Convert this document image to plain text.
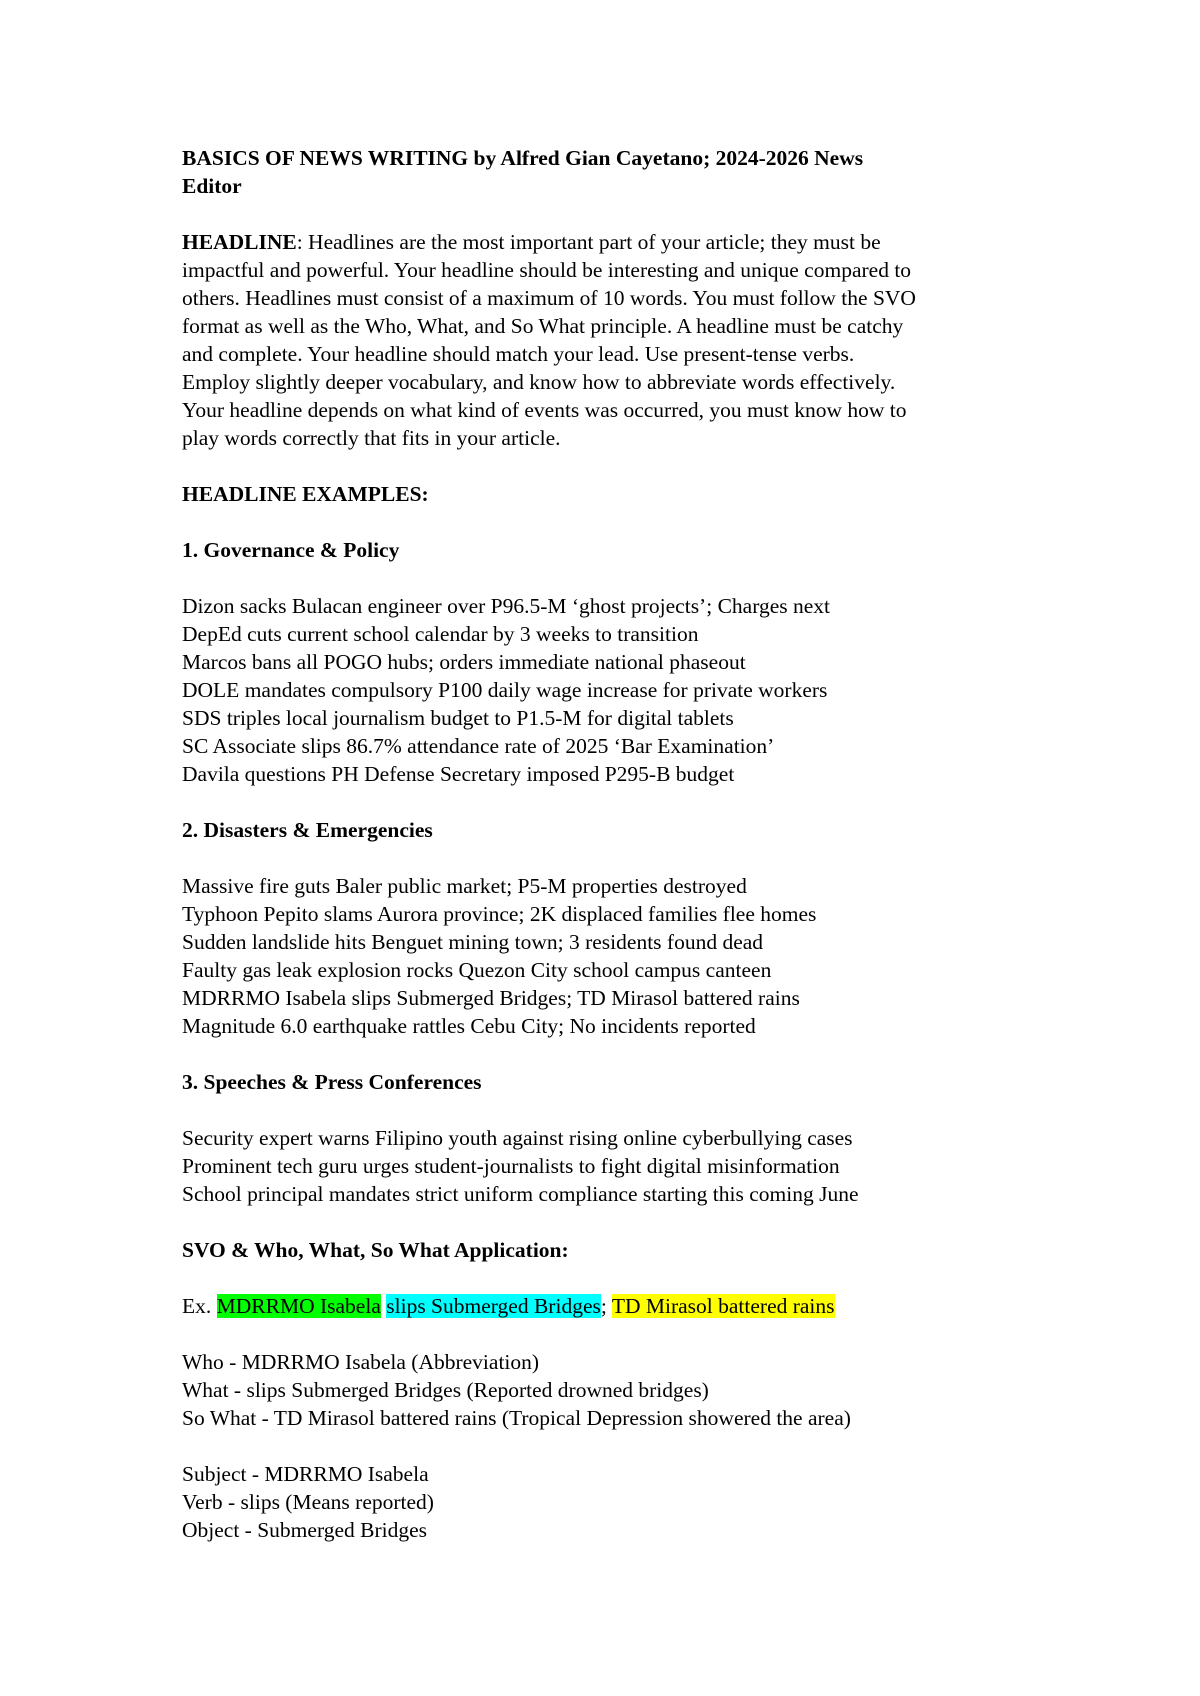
BASICS OF NEWS WRITING by Alfred Gian Cayetano; 2024-2026 News
Editor
HEADLINE: Headlines are the most important part of your article; they must be
impactful and powerful. Your headline should be interesting and unique compared to
others. Headlines must consist of a maximum of 10 words. You must follow the SVO
format as well as the Who, What, and So What principle. A headline must be catchy
and complete. Your headline should match your lead. Use present-tense verbs.
Employ slightly deeper vocabulary, and know how to abbreviate words effectively.
Your headline depends on what kind of events was occurred, you must know how to
play words correctly that fits in your article.
HEADLINE EXAMPLES:
1. Governance & Policy
Dizon sacks Bulacan engineer over P96.5-M ‘ghost projects’; Charges next
DepEd cuts current school calendar by 3 weeks to transition
Marcos bans all POGO hubs; orders immediate national phaseout
DOLE mandates compulsory P100 daily wage increase for private workers
SDS triples local journalism budget to P1.5-M for digital tablets
SC Associate slips 86.7% attendance rate of 2025 ‘Bar Examination’
Davila questions PH Defense Secretary imposed P295-B budget
2. Disasters & Emergencies
Massive fire guts Baler public market; P5-M properties destroyed
Typhoon Pepito slams Aurora province; 2K displaced families flee homes
Sudden landslide hits Benguet mining town; 3 residents found dead
Faulty gas leak explosion rocks Quezon City school campus canteen
MDRRMO Isabela slips Submerged Bridges; TD Mirasol battered rains
Magnitude 6.0 earthquake rattles Cebu City; No incidents reported
3. Speeches & Press Conferences
Security expert warns Filipino youth against rising online cyberbullying cases
Prominent tech guru urges student-journalists to fight digital misinformation
School principal mandates strict uniform compliance starting this coming June
SVO & Who, What, So What Application:
Ex. MDRRMO Isabela slips Submerged Bridges; TD Mirasol battered rains
Who - MDRRMO Isabela (Abbreviation)
What - slips Submerged Bridges (Reported drowned bridges)
So What - TD Mirasol battered rains (Tropical Depression showered the area)
Subject - MDRRMO Isabela
Verb - slips (Means reported)
Object - Submerged Bridges
